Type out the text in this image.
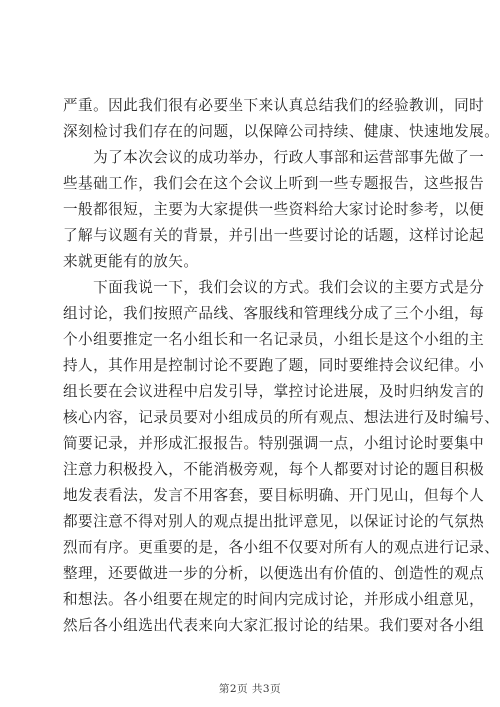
严重。因此我们很有必要坐下来认真总结我们的经验教训，同时
深刻检讨我们存在的问题，以保障公司持续、健康、快速地发展。

　　为了本次会议的成功举办，行政人事部和运营部事先做了一
些基础工作，我们会在这个会议上听到一些专题报告，这些报告
一般都很短，主要为大家提供一些资料给大家讨论时参考，以便
了解与议题有关的背景，并引出一些要讨论的话题，这样讨论起
来就更能有的放矢。

　　下面我说一下，我们会议的方式。我们会议的主要方式是分
组讨论，我们按照产品线、客服线和管理线分成了三个小组，每
个小组要推定一名小组长和一名记录员，小组长是这个小组的主
持人，其作用是控制讨论不要跑了题，同时要维持会议纪律。小
组长要在会议进程中启发引导，掌控讨论进展，及时归纳发言的
核心内容，记录员要对小组成员的所有观点、想法进行及时编号、
简要记录，并形成汇报报告。特别强调一点，小组讨论时要集中
注意力积极投入，不能消极旁观，每个人都要对讨论的题目积极
地发表看法，发言不用客套，要目标明确、开门见山，但每个人
都要注意不得对别人的观点提出批评意见，以保证讨论的气氛热
烈而有序。更重要的是，各小组不仅要对所有人的观点进行记录、
整理，还要做进一步的分析，以便选出有价值的、创造性的观点
和想法。各小组要在规定的时间内完成讨论，并形成小组意见，
然后各小组选出代表来向大家汇报讨论的结果。我们要对各小组

第2页 共3页
